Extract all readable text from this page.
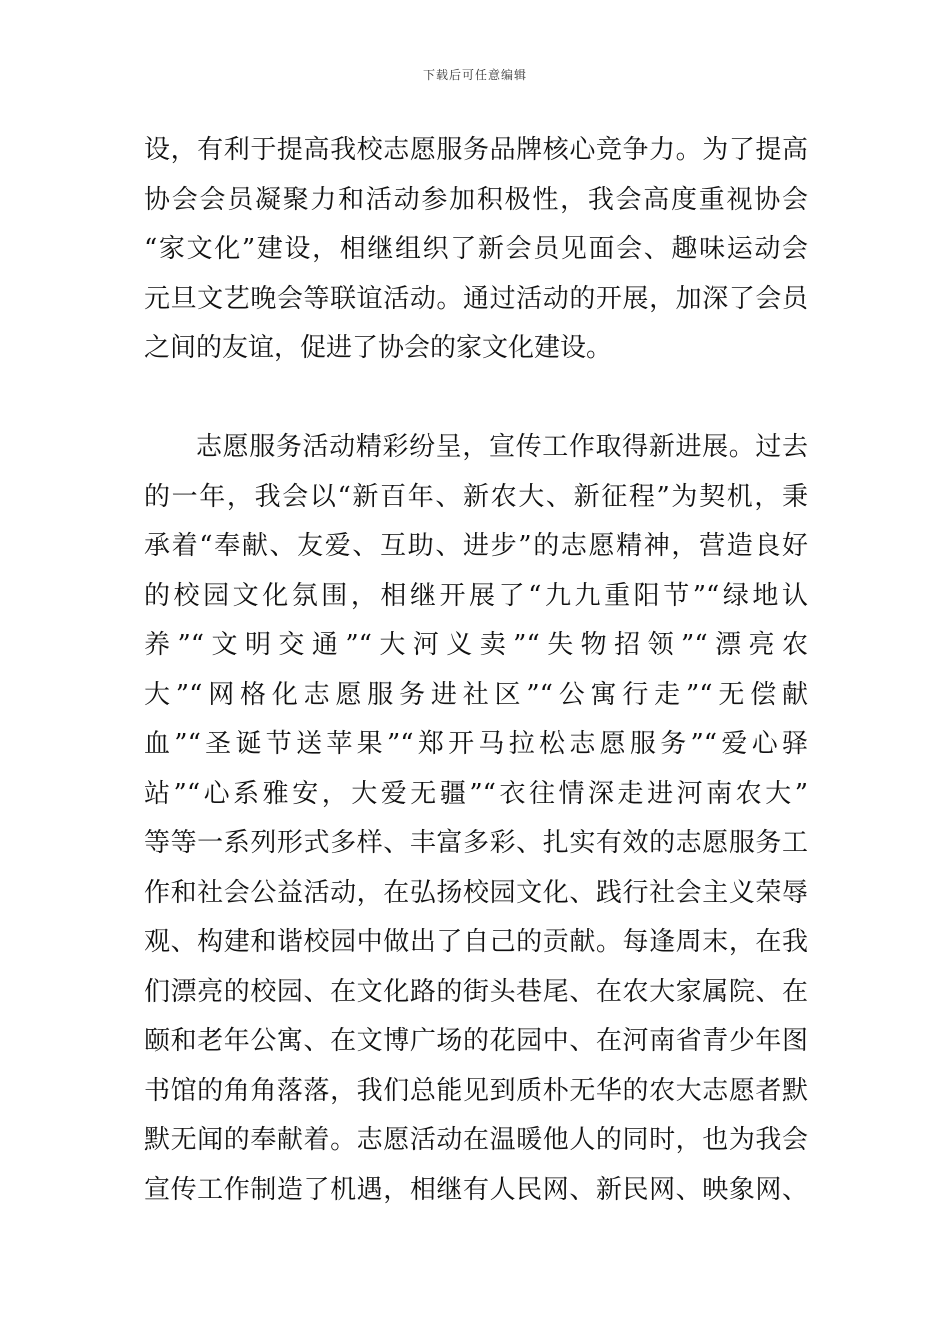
下载后可任意编辑
设，有利于提高我校志愿服务品牌核心竞争力。为了提高
协会会员凝聚力和活动参加积极性，我会高度重视协会
“家文化”建设，相继组织了新会员见面会、趣味运动会
元旦文艺晚会等联谊活动。通过活动的开展，加深了会员
之间的友谊，促进了协会的家文化建设。
志愿服务活动精彩纷呈，宣传工作取得新进展。过去
的一年，我会以“新百年、新农大、新征程”为契机，秉
承着“奉献、友爱、互助、进步”的志愿精神，营造良好
的校园文化氛围，相继开展了“九九重阳节”“绿地认
养”“文明交通”“大河义卖”“失物招领”“漂亮农
大”“网格化志愿服务进社区”“公寓行走”“无偿献
血”“圣诞节送苹果”“郑开马拉松志愿服务”“爱心驿
站”“心系雅安，大爱无疆”“衣往情深走进河南农大”
等等一系列形式多样、丰富多彩、扎实有效的志愿服务工
作和社会公益活动，在弘扬校园文化、践行社会主义荣辱
观、构建和谐校园中做出了自己的贡献。每逢周末，在我
们漂亮的校园、在文化路的街头巷尾、在农大家属院、在
颐和老年公寓、在文博广场的花园中、在河南省青少年图
书馆的角角落落，我们总能见到质朴无华的农大志愿者默
默无闻的奉献着。志愿活动在温暖他人的同时，也为我会
宣传工作制造了机遇，相继有人民网、新民网、映象网、
